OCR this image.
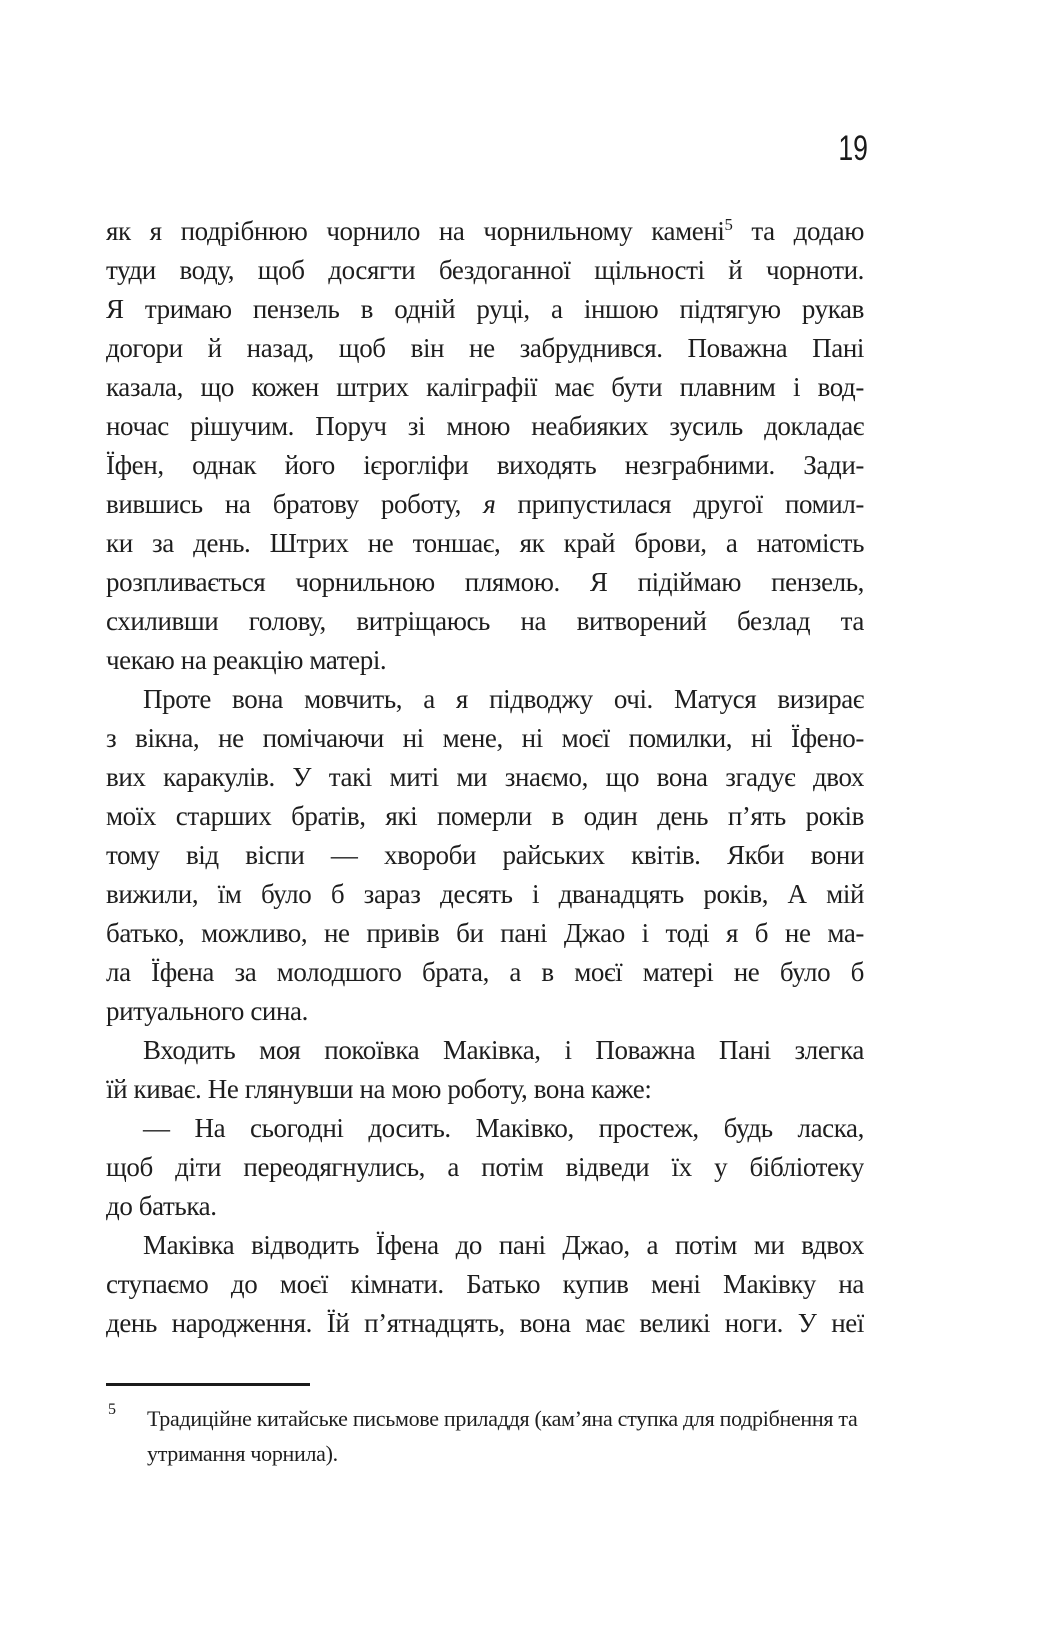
19
як я подрібнюю чорнило на чорнильному камені$^5$ та додаю
туди воду, щоб досягти бездоганної щільності й чорноти.
Я тримаю пензель в одній руці, а іншою підтягую рукав
догори й назад, щоб він не забруднився. Поважна Пані
казала, що кожен штрих каліграфії має бути плавним і вод-
ночас рішучим. Поруч зі мною неабияких зусиль докладає
Їфен, однак його ієрогліфи виходять незграбними. Зади-
вившись на братову роботу, я припустилася другої помил-
ки за день. Штрих не тоншає, як край брови, а натомість
розпливається чорнильною плямою. Я підіймаю пензель,
схиливши голову, витріщаюсь на витворений безлад та
чекаю на реакцію матері.
Проте вона мовчить, а я підводжу очі. Матуся визирає
з вікна, не помічаючи ні мене, ні моєї помилки, ні Їфено-
вих каракулів. У такі миті ми знаємо, що вона згадує двох
моїх старших братів, які померли в один день п’ять років
тому від віспи — хвороби райських квітів. Якби вони
вижили, їм було б зараз десять і дванадцять років, А мій
батько, можливо, не привів би пані Джао і тоді я б не ма-
ла Їфена за молодшого брата, а в моєї матері не було б
ритуального сина.
Входить моя покоївка Маківка, і Поважна Пані злегка
їй киває. Не глянувши на мою роботу, вона каже:
— На сьогодні досить. Маківко, простеж, будь ласка,
щоб діти переодягнулись, а потім відведи їх у бібліотеку
до батька.
Маківка відводить Їфена до пані Джао, а потім ми вдвох
ступаємо до моєї кімнати. Батько купив мені Маківку на
день народження. Їй п’ятнадцять, вона має великі ноги. У неї
5 Традиційне китайське письмове приладдя (кам’яна ступка для подрібнення та
утримання чорнила).
